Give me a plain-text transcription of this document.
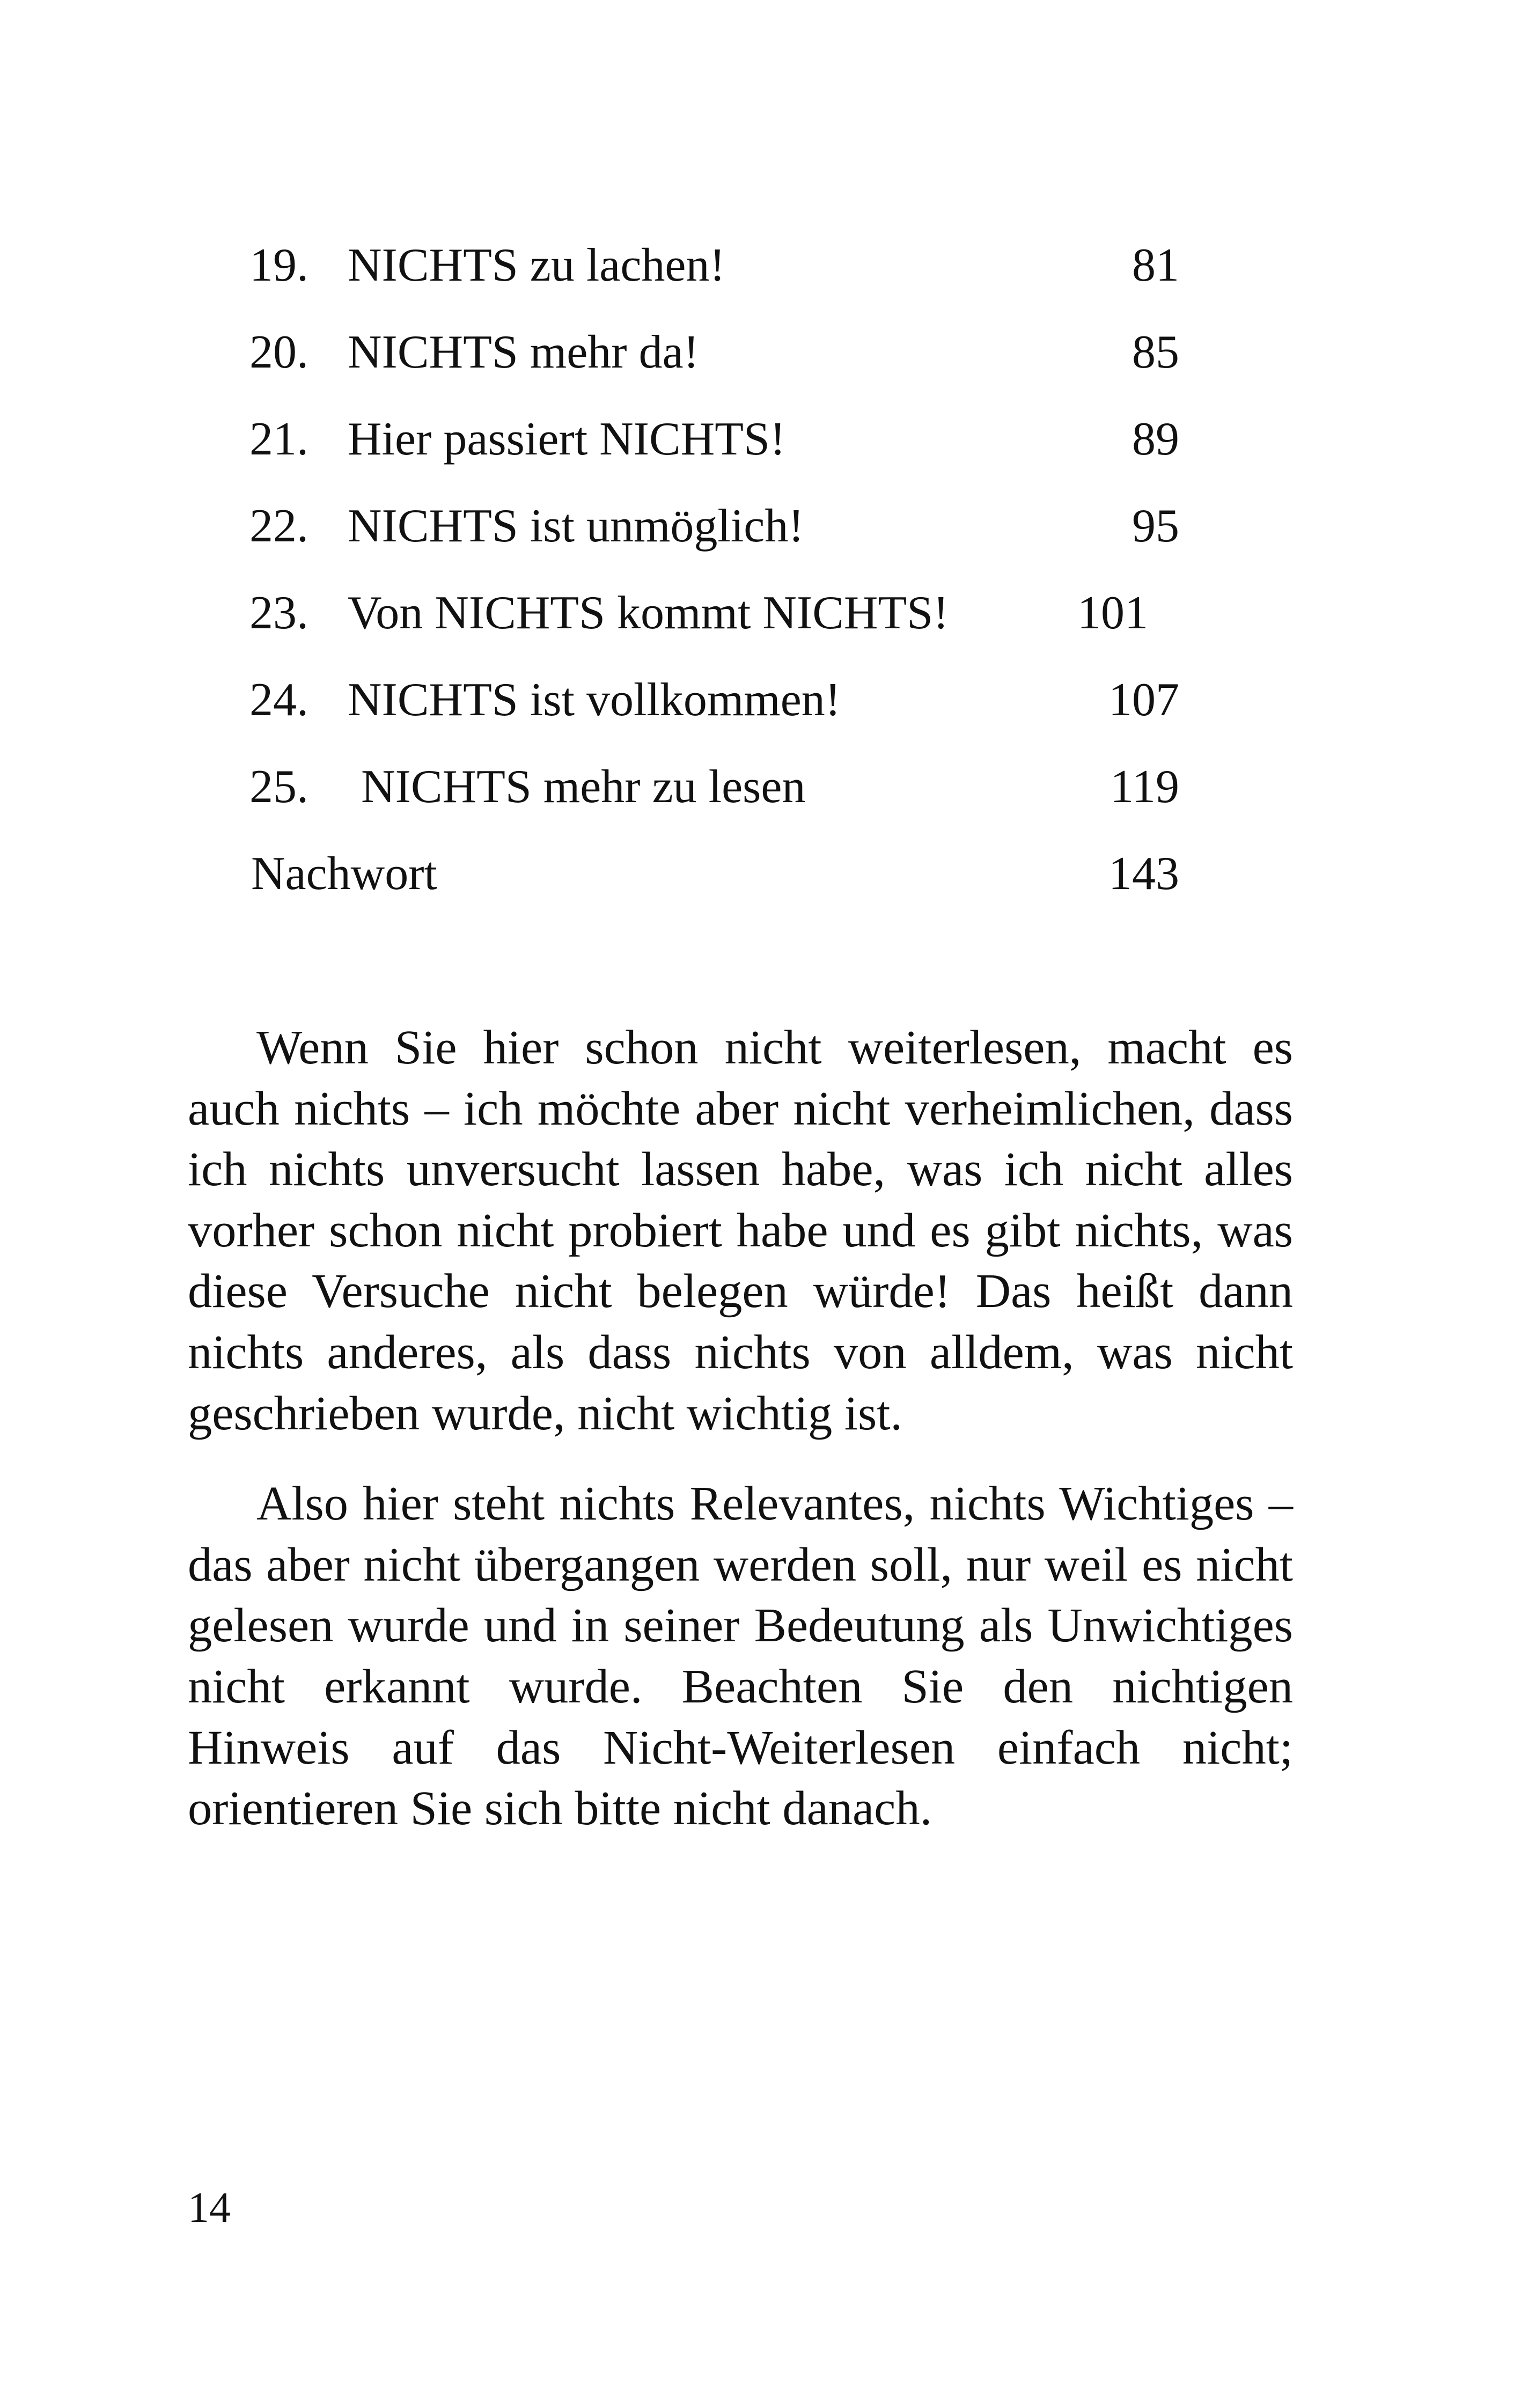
19. NICHTS zu lachen!	81
20. NICHTS mehr da!	85
21. Hier passiert NICHTS!	89
22. NICHTS ist unmöglich!	95
23. Von NICHTS kommt NICHTS!	101
24. NICHTS ist vollkommen!	107
25. NICHTS mehr zu lesen	119
Nachwort	143

Wenn Sie hier schon nicht weiterlesen, macht es auch nichts – ich möchte aber nicht verheimlichen, dass ich nichts unversucht lassen habe, was ich nicht alles vorher schon nicht probiert habe und es gibt nichts, was diese Versuche nicht belegen würde! Das heißt dann nichts anderes, als dass nichts von alldem, was nicht geschrieben wurde, nicht wichtig ist.

Also hier steht nichts Relevantes, nichts Wichtiges – das aber nicht übergangen werden soll, nur weil es nicht gelesen wurde und in seiner Bedeutung als Unwichtiges nicht erkannt wurde. Beachten Sie den nichtigen Hinweis auf das Nicht-Weiterlesen einfach nicht; orientieren Sie sich bitte nicht danach.

14
